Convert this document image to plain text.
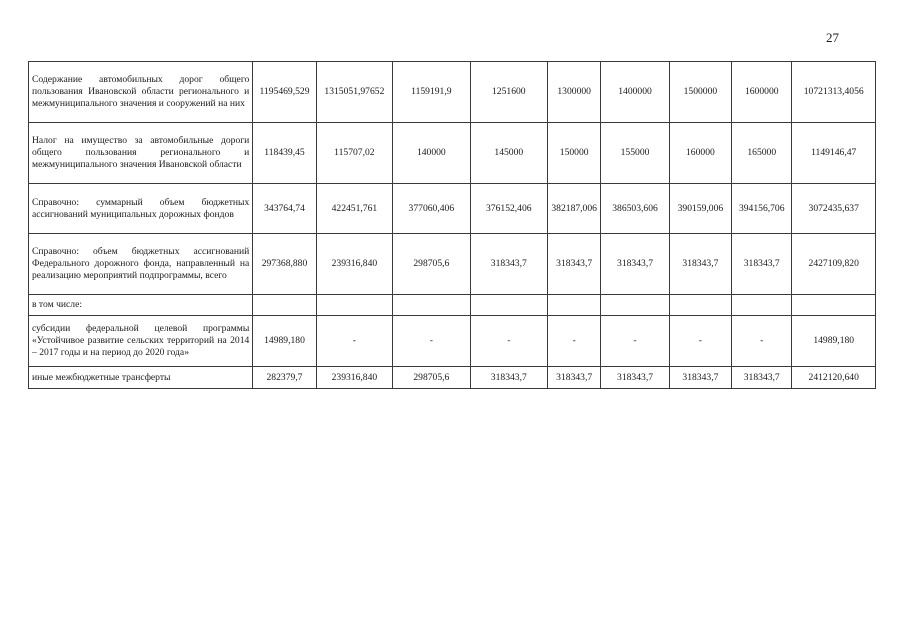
27
Содержание автомобильных дорог общего пользования Ивановской области регионального и межмуниципального значения и сооружений на них	1195469,529	1315051,97652	1159191,9	1251600	1300000	1400000	1500000	1600000	10721313,4056
Налог на имущество за автомобильные дороги общего пользования регионального и межмуниципального значения Ивановской области	118439,45	115707,02	140000	145000	150000	155000	160000	165000	1149146,47
Справочно: суммарный объем бюджетных ассигнований муниципальных дорожных фондов	343764,74	422451,761	377060,406	376152,406	382187,006	386503,606	390159,006	394156,706	3072435,637
Справочно: объем бюджетных ассигнований Федерального дорожного фонда, направленный на реализацию мероприятий подпрограммы, всего	297368,880	239316,840	298705,6	318343,7	318343,7	318343,7	318343,7	318343,7	2427109,820
в том числе:									
субсидии федеральной целевой программы «Устойчивое развитие сельских территорий на 2014 – 2017 годы и на период до 2020 года»	14989,180	-	-	-	-	-	-	-	14989,180
иные межбюджетные трансферты	282379,7	239316,840	298705,6	318343,7	318343,7	318343,7	318343,7	318343,7	2412120,640
